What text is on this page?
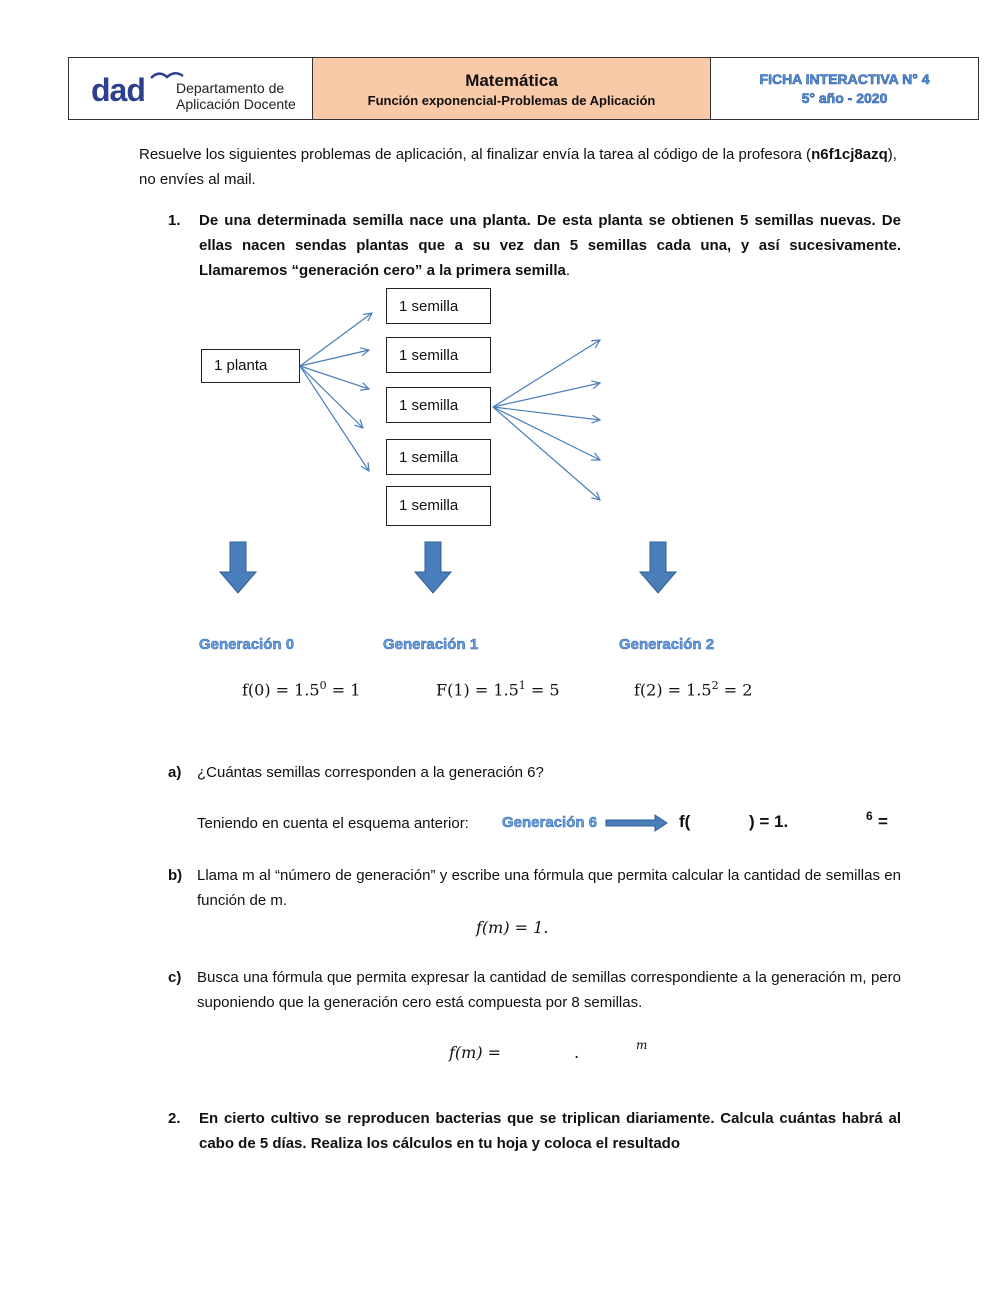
dad Departamento de
Aplicación Docente
Matemática
Función exponencial-Problemas de Aplicación
FICHA INTERACTIVA N° 4
5° año - 2020
Resuelve los siguientes problemas de aplicación, al finalizar envía la tarea al código de la profesora (n6f1cj8azq), no envíes al mail.
1. De una determinada semilla nace una planta. De esta planta se obtienen 5 semillas nuevas. De ellas nacen sendas plantas que a su vez dan 5 semillas cada una, y así sucesivamente. Llamaremos “generación cero” a la primera semilla.
1 planta
1 semilla
1 semilla
1 semilla
1 semilla
1 semilla
Generación 0	Generación 1	Generación 2
$f(0) = 1.5^0 = 1$	$F(1) = 1.5^1 = 5$	$f(2) = 1.5^2 = 2$
a) ¿Cuántas semillas corresponden a la generación 6?
Teniendo en cuenta el esquema anterior: Generación 6	f(	) = 1.	6 =
b) Llama m al “número de generación” y escribe una fórmula que permita calcular la cantidad de semillas en función de m.
f(m) = 1.
c) Busca una fórmula que permita expresar la cantidad de semillas correspondiente a la generación m, pero suponiendo que la generación cero está compuesta por 8 semillas.
f(m) =	.	m
2. En cierto cultivo se reproducen bacterias que se triplican diariamente. Calcula cuántas habrá al cabo de 5 días. Realiza los cálculos en tu hoja y coloca el resultado
